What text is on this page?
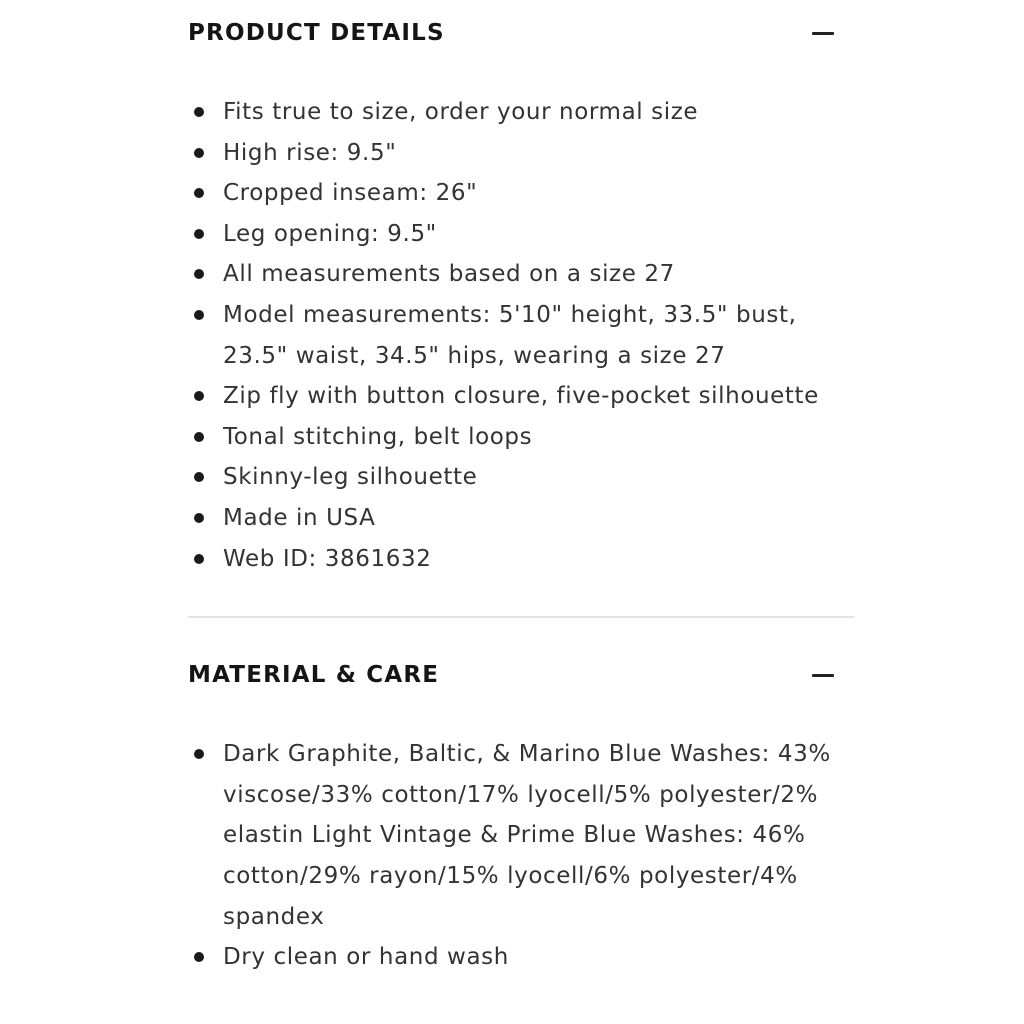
PRODUCT DETAILS
Fits true to size, order your normal size
High rise: 9.5"
Cropped inseam: 26"
Leg opening: 9.5"
All measurements based on a size 27
Model measurements: 5'10" height, 33.5" bust, 23.5" waist, 34.5" hips, wearing a size 27
Zip fly with button closure, five-pocket silhouette
Tonal stitching, belt loops
Skinny-leg silhouette
Made in USA
Web ID: 3861632
MATERIAL & CARE
Dark Graphite, Baltic, & Marino Blue Washes: 43% viscose/33% cotton/17% lyocell/5% polyester/2% elastin Light Vintage & Prime Blue Washes: 46% cotton/29% rayon/15% lyocell/6% polyester/4% spandex
Dry clean or hand wash
